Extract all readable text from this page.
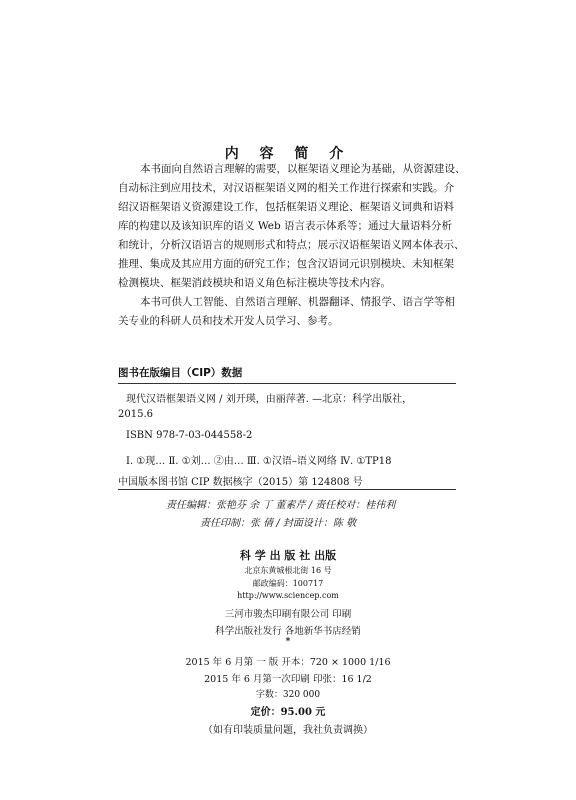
内 容 简 介
本书面向自然语言理解的需要，以框架语义理论为基础，从资源建设、
自动标注到应用技术，对汉语框架语义网的相关工作进行探索和实践。介
绍汉语框架语义资源建设工作，包括框架语义理论、框架语义词典和语料
库的构建以及该知识库的语义 Web 语言表示体系等；通过大量语料分析
和统计，分析汉语语言的规则形式和特点；展示汉语框架语义网本体表示、
推理、集成及其应用方面的研究工作；包含汉语词元识别模块、未知框架
检测模块、框架消歧模块和语义角色标注模块等技术内容。
本书可供人工智能、自然语言理解、机器翻译、情报学、语言学等相
关专业的科研人员和技术开发人员学习、参考。
图书在版编目（CIP）数据
现代汉语框架语义网 / 刘开瑛，由丽萍著. —北京：科学出版社，
2015.6
ISBN 978-7-03-044558-2
Ⅰ. ①现… Ⅱ. ①刘… ②由… Ⅲ. ①汉语–语义网络 Ⅳ. ①TP18
中国版本图书馆 CIP 数据核字（2015）第 124808 号
责任编辑：张艳芬 余 丁 董素芹 / 责任校对：桂伟利
责任印制：张 倩 / 封面设计：陈 敬
科 学 出 版 社 出版
北京东黄城根北街 16 号
邮政编码：100717
http://www.sciencep.com
三河市骏杰印刷有限公司 印刷
科学出版社发行 各地新华书店经销
*
2015 年 6 月第 一 版 开本：720 × 1000 1/16
2015 年 6 月第一次印刷 印张：16 1/2
字数：320 000
定价：95.00 元
（如有印装质量问题，我社负责调换）
